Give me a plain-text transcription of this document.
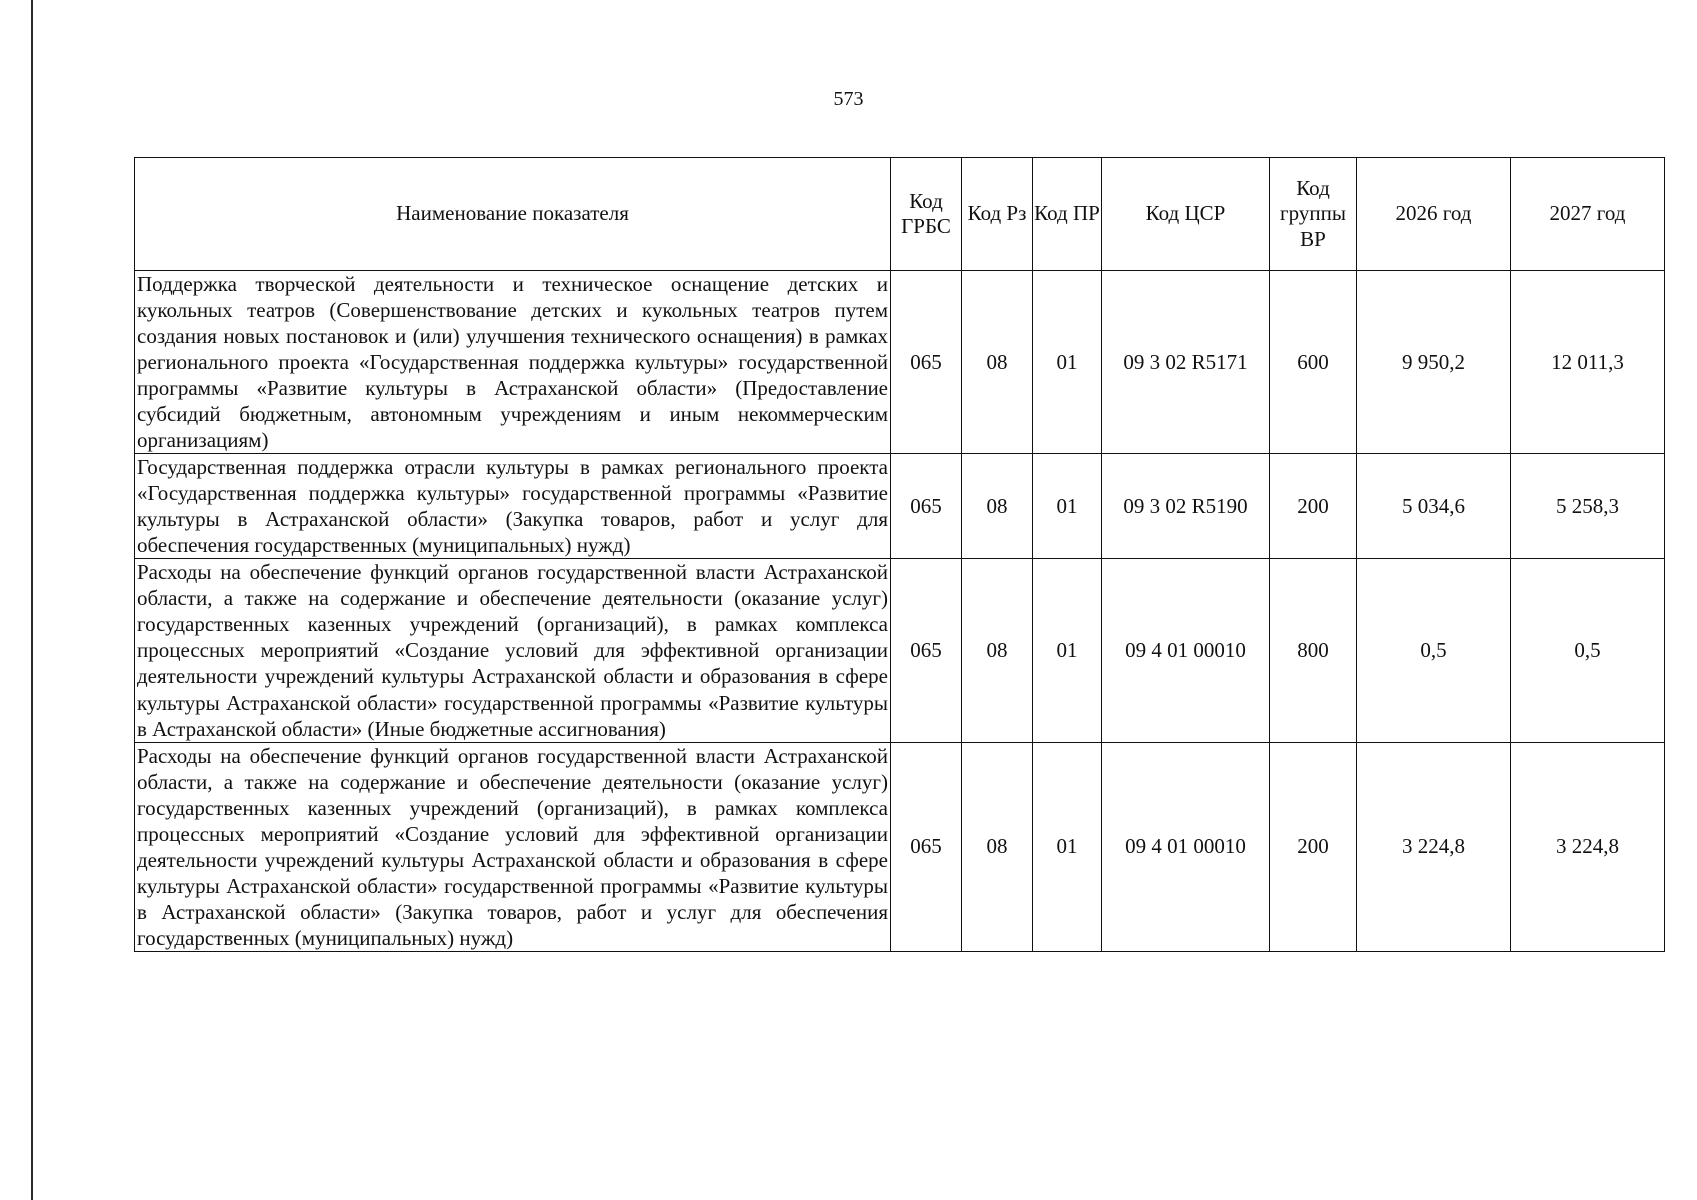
573
Наименование показателя	Код ГРБС	Код Рз	Код ПР	Код ЦСР	Код группы ВР	2026 год	2027 год
Поддержка творческой деятельности и техническое оснащение детских и кукольных театров (Совершенствование детских и кукольных театров путем создания новых постановок и (или) улучшения технического оснащения) в рамках регионального проекта «Государственная поддержка культуры» государственной программы «Развитие культуры в Астраханской области» (Предоставление субсидий бюджетным, автономным учреждениям и иным некоммерческим организациям)	065	08	01	09 3 02 R5171	600	9 950,2	12 011,3
Государственная поддержка отрасли культуры в рамках регионального проекта «Государственная поддержка культуры» государственной программы «Развитие культуры в Астраханской области» (Закупка товаров, работ и услуг для обеспечения государственных (муниципальных) нужд)	065	08	01	09 3 02 R5190	200	5 034,6	5 258,3
Расходы на обеспечение функций органов государственной власти Астраханской области, а также на содержание и обеспечение деятельности (оказание услуг) государственных казенных учреждений (организаций), в рамках комплекса процессных мероприятий «Создание условий для эффективной организации деятельности учреждений культуры Астраханской области и образования в сфере культуры Астраханской области» государственной программы «Развитие культуры в Астраханской области» (Иные бюджетные ассигнования)	065	08	01	09 4 01 00010	800	0,5	0,5
Расходы на обеспечение функций органов государственной власти Астраханской области, а также на содержание и обеспечение деятельности (оказание услуг) государственных казенных учреждений (организаций), в рамках комплекса процессных мероприятий «Создание условий для эффективной организации деятельности учреждений культуры Астраханской области и образования в сфере культуры Астраханской области» государственной программы «Развитие культуры в Астраханской области» (Закупка товаров, работ и услуг для обеспечения государственных (муниципальных) нужд)	065	08	01	09 4 01 00010	200	3 224,8	3 224,8
